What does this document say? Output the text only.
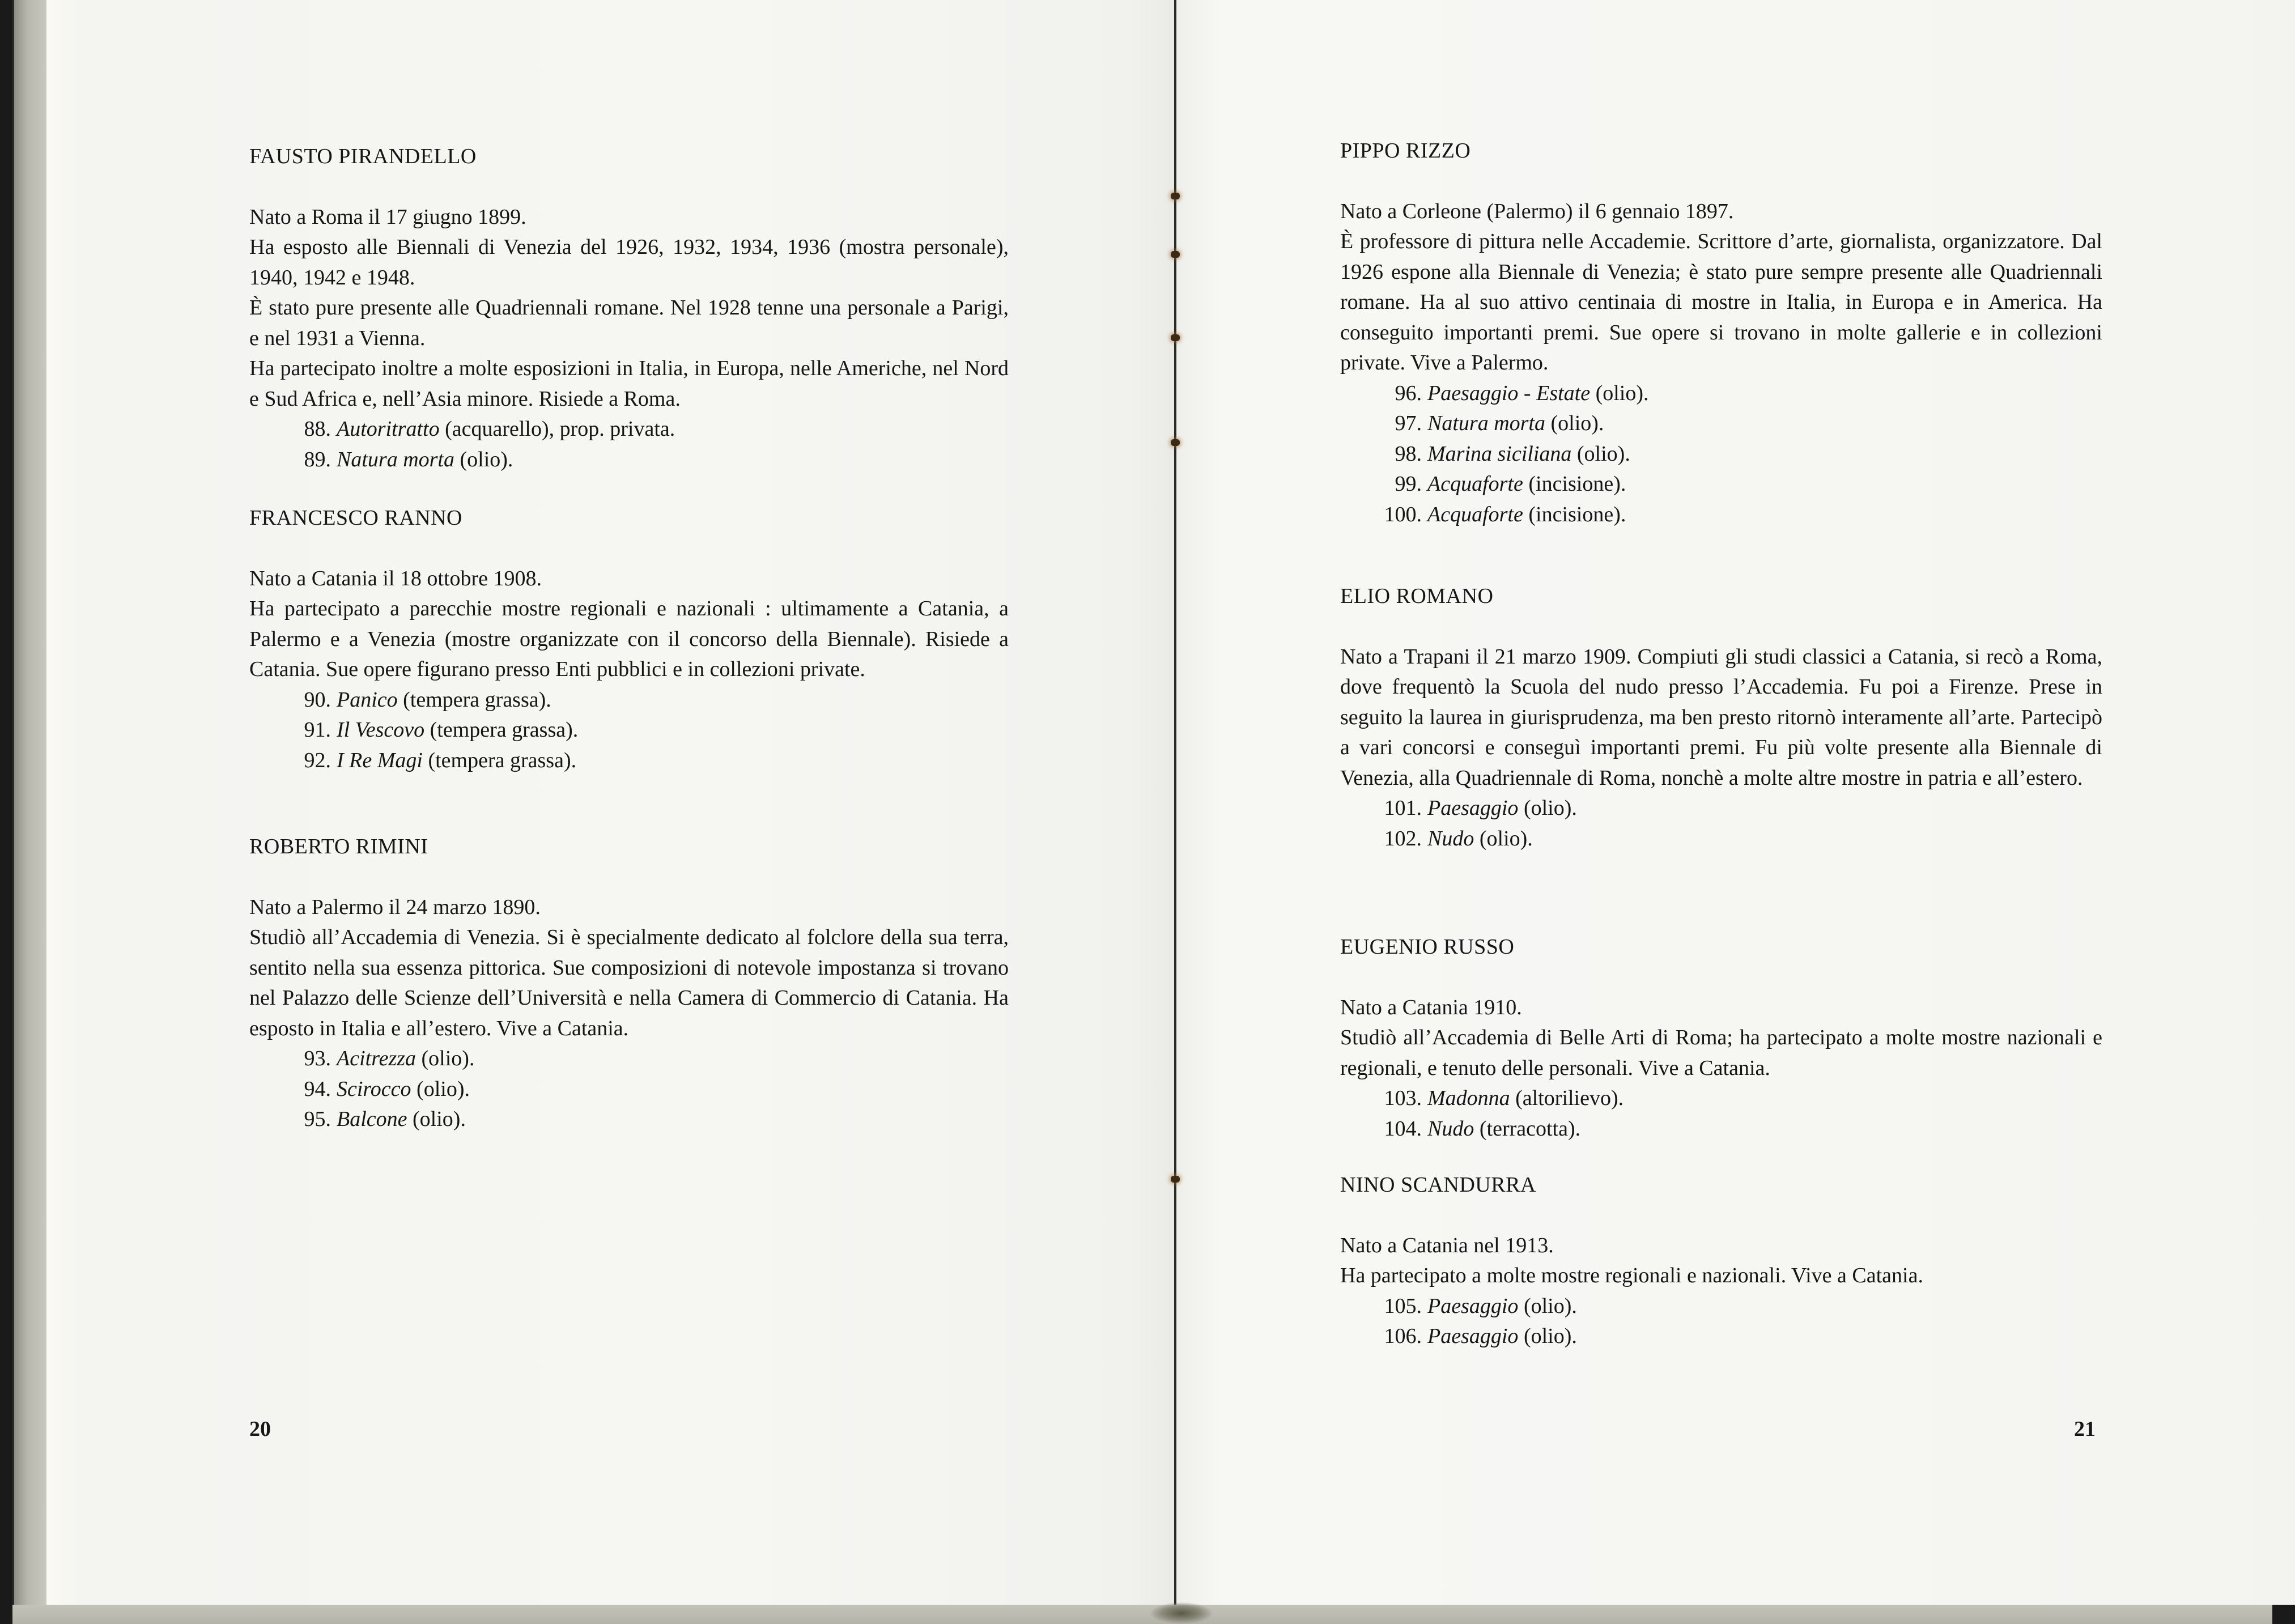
FAUSTO PIRANDELLO

Nato a Roma il 17 giugno 1899.

Ha esposto alle Biennali di Venezia del 1926, 1932, 1934, 1936 (mostra personale), 1940, 1942 e 1948.

È stato pure presente alle Quadriennali romane. Nel 1928 tenne una personale a Parigi, e nel 1931 a Vienna.

Ha partecipato inoltre a molte esposizioni in Italia, in Europa, nelle Americhe, nel Nord e Sud Africa e, nell’Asia minore. Risiede a Roma.

88. Autoritratto (acquarello), prop. privata.
89. Natura morta (olio).
FRANCESCO RANNO

Nato a Catania il 18 ottobre 1908.

Ha partecipato a parecchie mostre regionali e nazionali : ultimamente a Catania, a Palermo e a Venezia (mostre organizzate con il concorso della Biennale). Risiede a Catania. Sue opere figurano presso Enti pubblici e in collezioni private.

90. Panico (tempera grassa).
91. Il Vescovo (tempera grassa).
92. I Re Magi (tempera grassa).
ROBERTO RIMINI

Nato a Palermo il 24 marzo 1890.

Studiò all’Accademia di Venezia. Si è specialmente dedicato al folclore della sua terra, sentito nella sua essenza pittorica. Sue composizioni di notevole impostanza si trovano nel Palazzo delle Scienze dell’Università e nella Camera di Commercio di Catania. Ha esposto in Italia e all’estero. Vive a Catania.

93. Acitrezza (olio).
94. Scirocco (olio).
95. Balcone (olio).
20
PIPPO RIZZO

Nato a Corleone (Palermo) il 6 gennaio 1897.

È professore di pittura nelle Accademie. Scrittore d’arte, giornalista, organizzatore. Dal 1926 espone alla Biennale di Venezia; è stato pure sempre presente alle Quadriennali romane. Ha al suo attivo centinaia di mostre in Italia, in Europa e in America. Ha conseguito importanti premi. Sue opere si trovano in molte gallerie e in collezioni private. Vive a Palermo.

96. Paesaggio - Estate (olio).
97. Natura morta (olio).
98. Marina siciliana (olio).
99. Acquaforte (incisione).
100. Acquaforte (incisione).
ELIO ROMANO

Nato a Trapani il 21 marzo 1909. Compiuti gli studi classici a Catania, si recò a Roma, dove frequentò la Scuola del nudo presso l’Accademia. Fu poi a Firenze. Prese in seguito la laurea in giurisprudenza, ma ben presto ritornò interamente all’arte. Partecipò a vari concorsi e conseguì importanti premi. Fu più volte presente alla Biennale di Venezia, alla Quadriennale di Roma, nonchè a molte altre mostre in patria e all’estero.

101. Paesaggio (olio).
102. Nudo (olio).
EUGENIO RUSSO

Nato a Catania 1910.

Studiò all’Accademia di Belle Arti di Roma; ha partecipato a molte mostre nazionali e regionali, e tenuto delle personali. Vive a Catania.

103. Madonna (altorilievo).
104. Nudo (terracotta).
NINO SCANDURRA

Nato a Catania nel 1913.

Ha partecipato a molte mostre regionali e nazionali. Vive a Catania.

105. Paesaggio (olio).
106. Paesaggio (olio).
21
